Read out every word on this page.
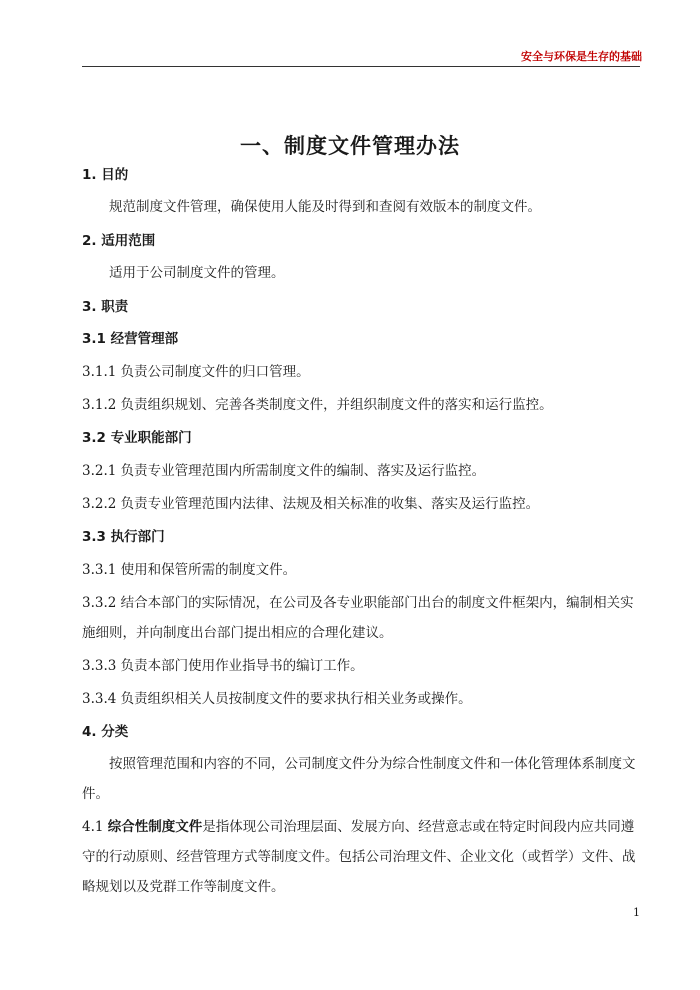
安全与环保是生存的基础
一、制度文件管理办法

1. 目的

规范制度文件管理，确保使用人能及时得到和查阅有效版本的制度文件。

2. 适用范围

适用于公司制度文件的管理。

3. 职责

3.1 经营管理部

3.1.1 负责公司制度文件的归口管理。

3.1.2 负责组织规划、完善各类制度文件，并组织制度文件的落实和运行监控。

3.2 专业职能部门

3.2.1 负责专业管理范围内所需制度文件的编制、落实及运行监控。

3.2.2 负责专业管理范围内法律、法规及相关标准的收集、落实及运行监控。

3.3 执行部门

3.3.1 使用和保管所需的制度文件。

3.3.2 结合本部门的实际情况，在公司及各专业职能部门出台的制度文件框架内，编制相关实施细则，并向制度出台部门提出相应的合理化建议。

3.3.3 负责本部门使用作业指导书的编订工作。

3.3.4 负责组织相关人员按制度文件的要求执行相关业务或操作。

4. 分类

按照管理范围和内容的不同，公司制度文件分为综合性制度文件和一体化管理体系制度文件。

4.1 综合性制度文件是指体现公司治理层面、发展方向、经营意志或在特定时间段内应共同遵守的行动原则、经营管理方式等制度文件。包括公司治理文件、企业文化（或哲学）文件、战略规划以及党群工作等制度文件。

1
